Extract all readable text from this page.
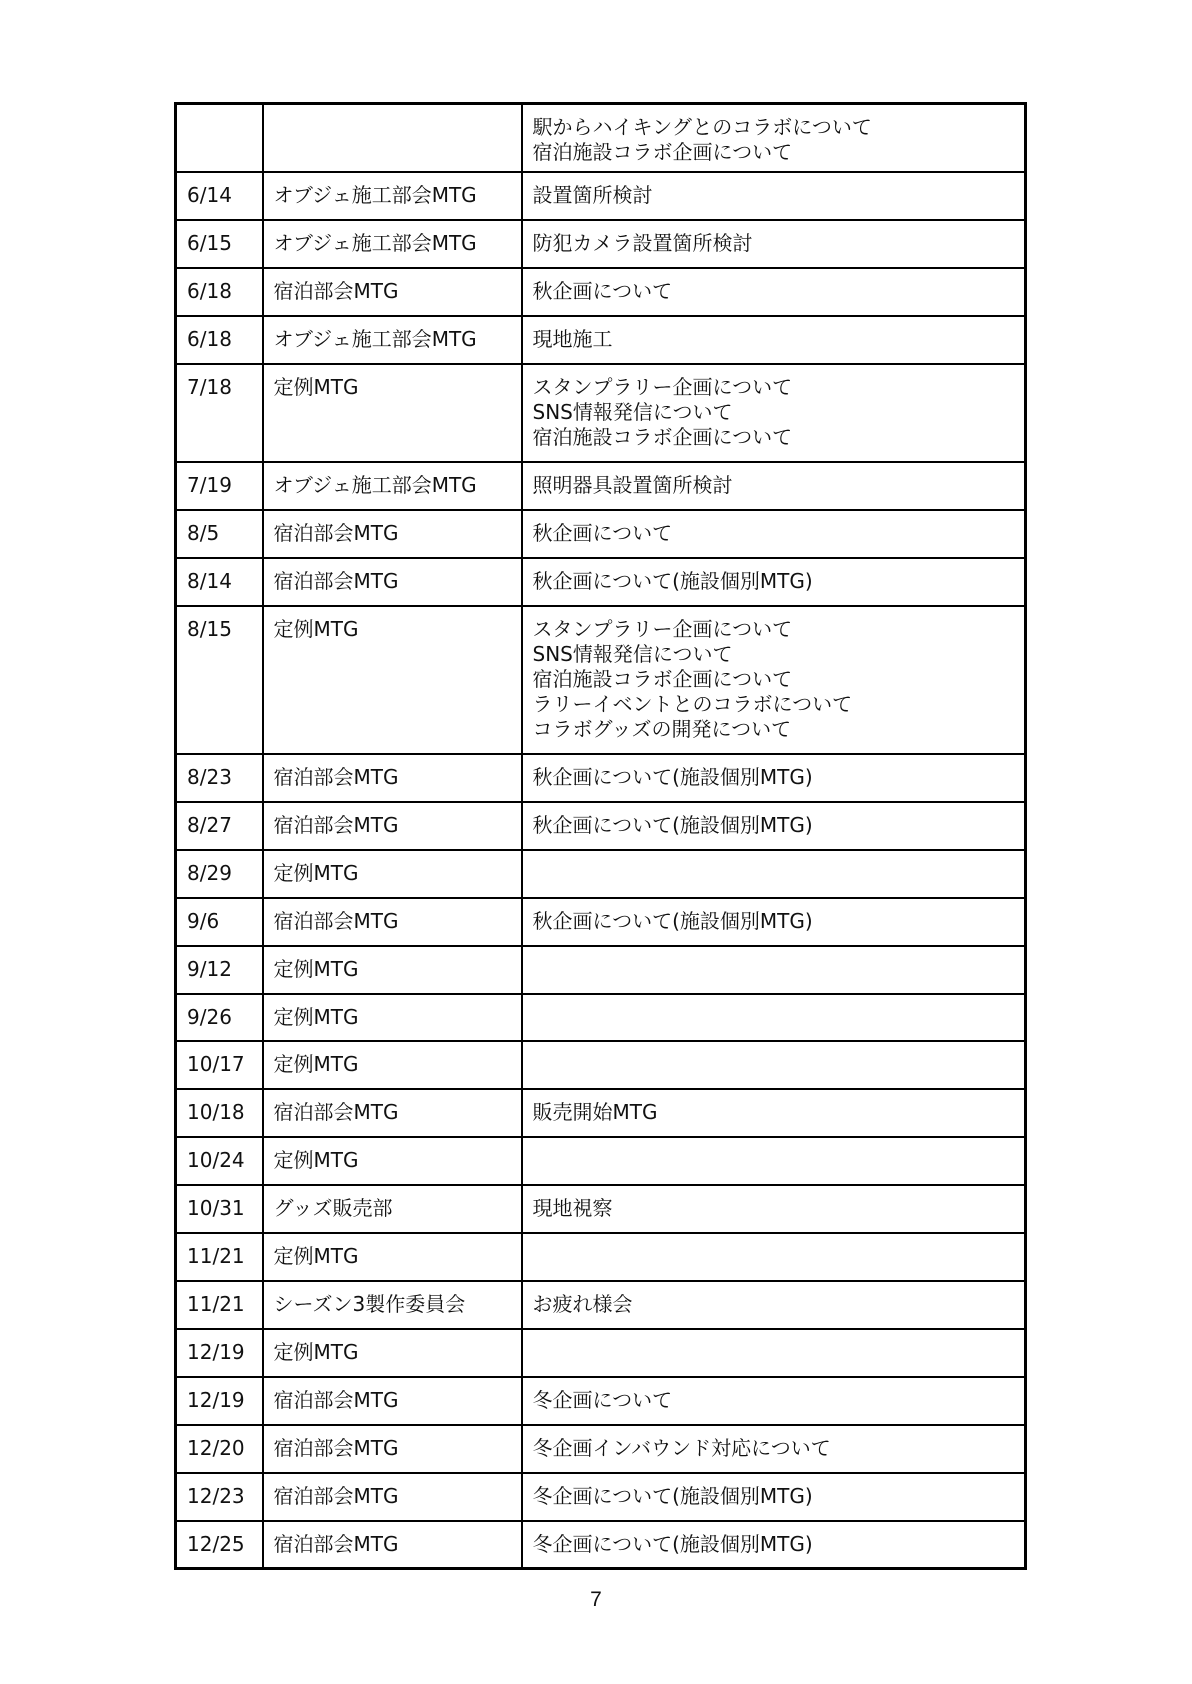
		駅からハイキングとのコラボについて
宿泊施設コラボ企画について

6/14	オブジェ施工部会MTG	設置箇所検討

6/15	オブジェ施工部会MTG	防犯カメラ設置箇所検討

6/18	宿泊部会MTG	秋企画について

6/18	オブジェ施工部会MTG	現地施工

7/18	定例MTG	スタンプラリー企画について
SNS情報発信について
宿泊施設コラボ企画について

7/19	オブジェ施工部会MTG	照明器具設置箇所検討

8/5	宿泊部会MTG	秋企画について

8/14	宿泊部会MTG	秋企画について(施設個別MTG)

8/15	定例MTG	スタンプラリー企画について
SNS情報発信について
宿泊施設コラボ企画について
ラリーイベントとのコラボについて
コラボグッズの開発について

8/23	宿泊部会MTG	秋企画について(施設個別MTG)

8/27	宿泊部会MTG	秋企画について(施設個別MTG)

8/29	定例MTG	
9/6	宿泊部会MTG	秋企画について(施設個別MTG)

9/12	定例MTG	
9/26	定例MTG	
10/17	定例MTG	
10/18	宿泊部会MTG	販売開始MTG

10/24	定例MTG	
10/31	グッズ販売部	現地視察

11/21	定例MTG	
11/21	シーズン3製作委員会	お疲れ様会

12/19	定例MTG	
12/19	宿泊部会MTG	冬企画について

12/20	宿泊部会MTG	冬企画インバウンド対応について

12/23	宿泊部会MTG	冬企画について(施設個別MTG)

12/25	宿泊部会MTG	冬企画について(施設個別MTG)
7
